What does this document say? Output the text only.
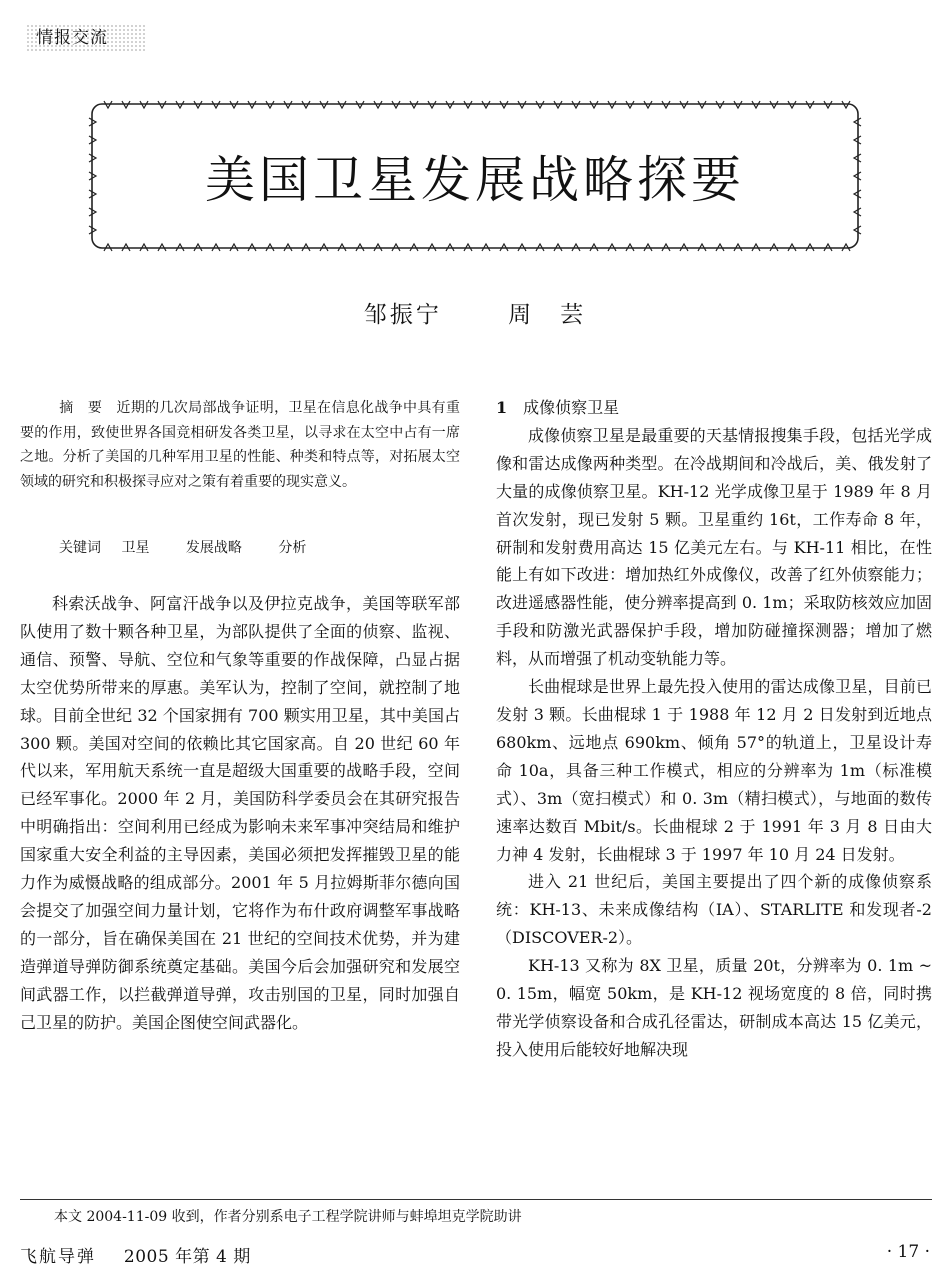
情报交流
美国卫星发展战略探要
邹振宁	周　芸

摘　要　近期的几次局部战争证明，卫星在信息化战争中具有重要的作用，致使世界各国竞相研发各类卫星，以寻求在太空中占有一席之地。分析了美国的几种军用卫星的性能、种类和特点等，对拓展太空领域的研究和积极探寻应对之策有着重要的现实意义。

关键词 卫星	发展战略	分析

科索沃战争、阿富汗战争以及伊拉克战争，美国等联军部队使用了数十颗各种卫星，为部队提供了全面的侦察、监视、通信、预警、导航、空位和气象等重要的作战保障，凸显占据太空优势所带来的厚惠。美军认为，控制了空间，就控制了地球。目前全世纪 32 个国家拥有 700 颗实用卫星，其中美国占 300 颗。美国对空间的依赖比其它国家高。自 20 世纪 60 年代以来，军用航天系统一直是超级大国重要的战略手段，空间已经军事化。2000 年 2 月，美国防科学委员会在其研究报告中明确指出：空间利用已经成为影响未来军事冲突结局和维护国家重大安全利益的主导因素，美国必须把发挥摧毁卫星的能力作为威慑战略的组成部分。2001 年 5 月拉姆斯菲尔德向国会提交了加强空间力量计划，它将作为布什政府调整军事战略的一部分，旨在确保美国在 21 世纪的空间技术优势，并为建造弹道导弹防御系统奠定基础。美国今后会加强研究和发展空间武器工作，以拦截弹道导弹，攻击别国的卫星，同时加强自己卫星的防护。美国企图使空间武器化。

1 成像侦察卫星

成像侦察卫星是最重要的天基情报搜集手段，包括光学成像和雷达成像两种类型。在冷战期间和冷战后，美、俄发射了大量的成像侦察卫星。KH-12 光学成像卫星于 1989 年 8 月首次发射，现已发射 5 颗。卫星重约 16t，工作寿命 8 年，研制和发射费用高达 15 亿美元左右。与 KH-11 相比，在性能上有如下改进：增加热红外成像仪，改善了红外侦察能力；改进遥感器性能，使分辨率提高到 0. 1m；采取防核效应加固手段和防激光武器保护手段，增加防碰撞探测器；增加了燃料，从而增强了机动变轨能力等。

长曲棍球是世界上最先投入使用的雷达成像卫星，目前已发射 3 颗。长曲棍球 1 于 1988 年 12 月 2 日发射到近地点 680km、远地点 690km、倾角 57°的轨道上，卫星设计寿命 10a，具备三种工作模式，相应的分辨率为 1m（标准模式）、3m（宽扫模式）和 0. 3m（精扫模式），与地面的数传速率达数百 Mbit/s。长曲棍球 2 于 1991 年 3 月 8 日由大力神 4 发射，长曲棍球 3 于 1997 年 10 月 24 日发射。

进入 21 世纪后，美国主要提出了四个新的成像侦察系统：KH-13、未来成像结构（IA）、STARLITE 和发现者-2（DISCOVER-2）。

KH-13 又称为 8X 卫星，质量 20t，分辨率为 0. 1m ~ 0. 15m，幅宽 50km，是 KH-12 视场宽度的 8 倍，同时携带光学侦察设备和合成孔径雷达，研制成本高达 15 亿美元，投入使用后能较好地解决现

本文 2004-11-09 收到，作者分别系电子工程学院讲师与蚌埠坦克学院助讲
飞航导弹 2005 年第 4 期	· 17 ·
